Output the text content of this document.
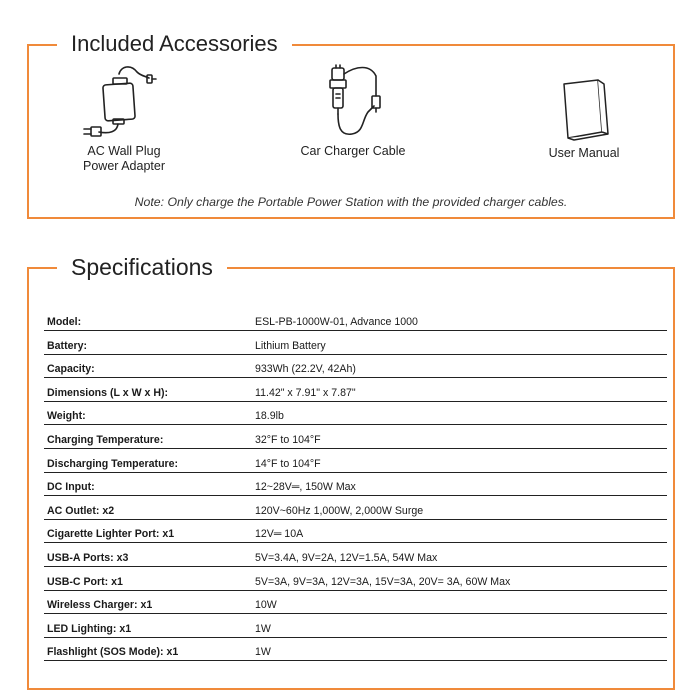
Included Accessories
AC Wall Plug
Power Adapter
Car Charger Cable	User Manual
Note: Only charge the Portable Power Station with the provided charger cables.
Specifications
Model:	ESL-PB-1000W-01, Advance 1000
Battery:	Lithium Battery
Capacity:	933Wh (22.2V, 42Ah)
Dimensions (L x W x H):	11.42" x 7.91" x 7.87"
Weight:	18.9lb
Charging Temperature:	32°F to 104°F
Discharging Temperature:	14°F to 104°F
DC Input:	12~28V═, 150W Max
AC Outlet: x2	120V~60Hz 1,000W, 2,000W Surge
Cigarette Lighter Port: x1	12V═ 10A
USB-A Ports: x3	5V=3.4A, 9V=2A, 12V=1.5A, 54W Max
USB-C Port: x1	5V=3A, 9V=3A, 12V=3A, 15V=3A, 20V= 3A, 60W Max
Wireless Charger: x1	10W
LED Lighting: x1	1W
Flashlight (SOS Mode): x1	1W
